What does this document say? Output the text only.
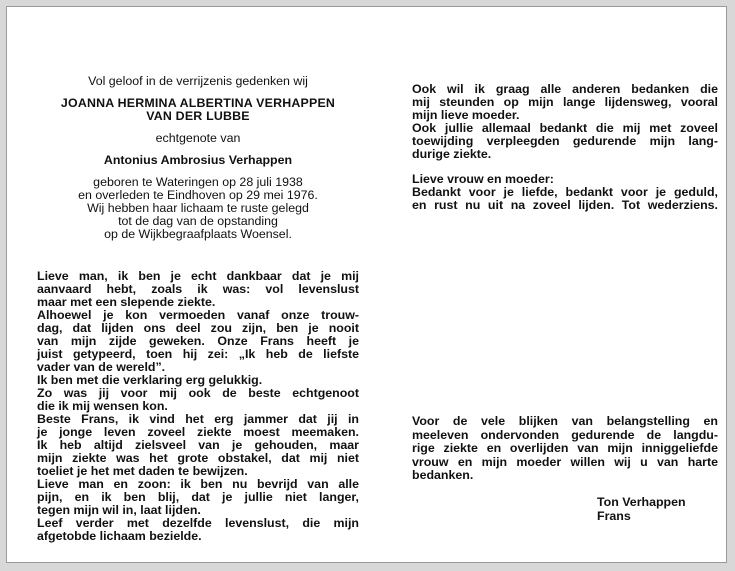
Vol geloof in de verrijzenis gedenken wij
JOANNA HERMINA ALBERTINA VERHAPPEN
VAN DER LUBBE
echtgenote van
Antonius Ambrosius Verhappen
geboren te Wateringen op 28 juli 1938
en overleden te Eindhoven op 29 mei 1976.
Wij hebben haar lichaam te ruste gelegd
tot de dag van de opstanding
op de Wijkbegraafplaats Woensel.
Lieve man, ik ben je echt dankbaar dat je mij
aanvaard hebt, zoals ik was: vol levenslust
maar met een slepende ziekte.
Alhoewel je kon vermoeden vanaf onze trouw-
dag, dat lijden ons deel zou zijn, ben je nooit
van mijn zijde geweken. Onze Frans heeft je
juist getypeerd, toen hij zei: „Ik heb de liefste
vader van de wereld”.
Ik ben met die verklaring erg gelukkig.
Zo was jij voor mij ook de beste echtgenoot
die ik mij wensen kon.
Beste Frans, ik vind het erg jammer dat jij in
je jonge leven zoveel ziekte moest meemaken.
Ik heb altijd zielsveel van je gehouden, maar
mijn ziekte was het grote obstakel, dat mij niet
toeliet je het met daden te bewijzen.
Lieve man en zoon: ik ben nu bevrijd van alle
pijn, en ik ben blij, dat je jullie niet langer,
tegen mijn wil in, laat lijden.
Leef verder met dezelfde levenslust, die mijn
afgetobde lichaam bezielde.
Ook wil ik graag alle anderen bedanken die
mij steunden op mijn lange lijdensweg, vooral
mijn lieve moeder.
Ook jullie allemaal bedankt die mij met zoveel
toewijding verpleegden gedurende mijn lang-
durige ziekte.
Lieve vrouw en moeder:
Bedankt voor je liefde, bedankt voor je geduld,
en rust nu uit na zoveel lijden. Tot wederziens.
Voor de vele blijken van belangstelling en
meeleven ondervonden gedurende de langdu-
rige ziekte en overlijden van mijn inniggeliefde
vrouw en mijn moeder willen wij u van harte
bedanken.
Ton Verhappen
Frans
